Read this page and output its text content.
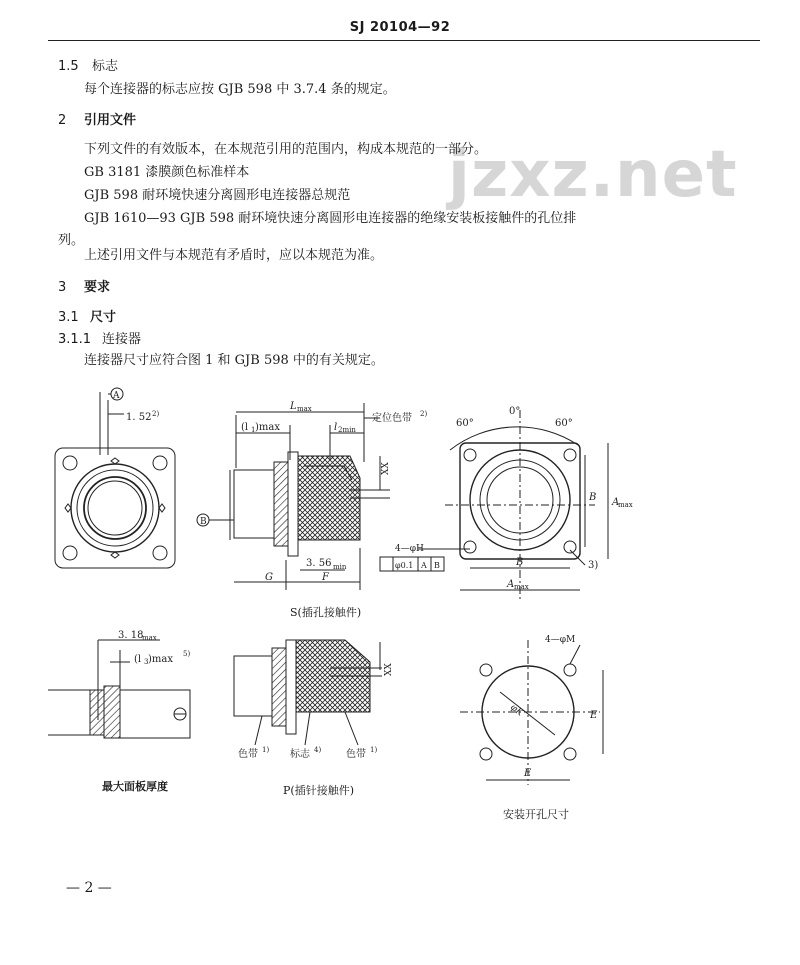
SJ 20104—92
jzxz.net
1.5 标志
每个连接器的标志应按 GJB 598 中 3.7.4 条的规定。
2 引用文件
下列文件的有效版本，在本规范引用的范围内，构成本规范的一部分。
GB 3181 漆膜颜色标准样本
GJB 598 耐环境快速分离圆形电连接器总规范
GJB 1610—93 GJB 598 耐环境快速分离圆形电连接器的绝缘安装板接触件的孔位排
列。
上述引用文件与本规范有矛盾时，应以本规范为准。
3 要求
3.1 尺寸
3.1.1 连接器
连接器尺寸应符合图 1 和 GJB 598 中的有关规定。
A
1. 52 2)
L max
(l 1 )max	l 2min
定位色带 2)
XX
3. 56 min
G	F
B
60°
0°
60°
B A
max
B
A max
4—φH
φ0.1 A B	3)
3. 18
max
(l 3 )max 5)
XX
色带 1) 标志 4) 色带 1)
4—φM
φK	E
E
S(插孔接触件)
最大面板厚度	P(插针接触件)
安装开孔尺寸
— 2 —
